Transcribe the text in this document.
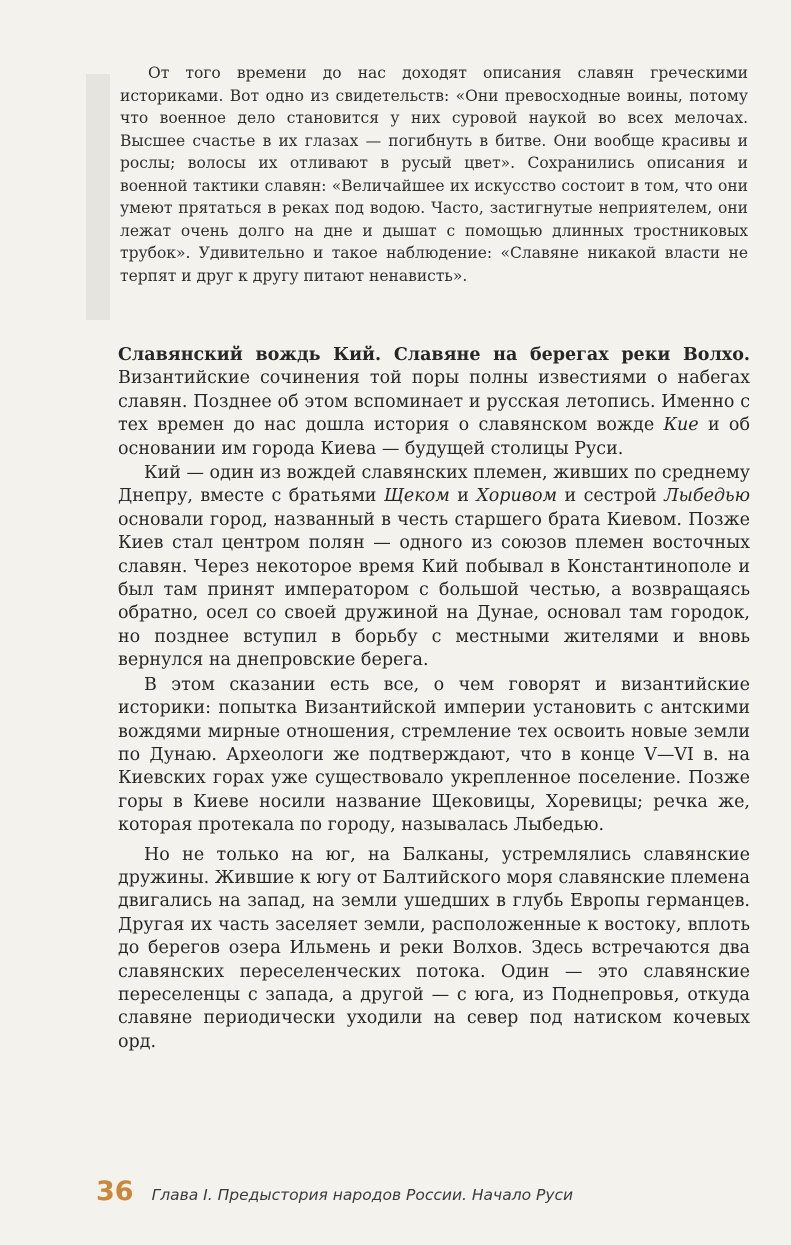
От того времени до нас доходят описания славян греческими историками. Вот одно из свидетельств: «Они превосходные воины, потому что военное дело становится у них суровой наукой во всех мелочах. Высшее счастье в их глазах — погибнуть в битве. Они вообще красивы и рослы; волосы их отливают в русый цвет». Сохранились описания и военной тактики славян: «Величайшее их искусство состоит в том, что они умеют прятаться в реках под водою. Часто, застигнутые неприятелем, они лежат очень долго на дне и дышат с помощью длинных тростниковых трубок». Удивительно и такое наблюдение: «Славяне никакой власти не терпят и друг к другу питают ненависть».

Славянский вождь Кий. Славяне на берегах реки Волхо. Византийские сочинения той поры полны известиями о набегах славян. Позднее об этом вспоминает и русская летопись. Именно с тех времен до нас дошла история о славянском вожде Кие и об основании им города Киева — будущей столицы Руси.

Кий — один из вождей славянских племен, живших по среднему Днепру, вместе с братьями Щеком и Хоривом и сестрой Лыбедью основали город, названный в честь старшего брата Киевом. Позже Киев стал центром полян — одного из союзов племен восточных славян. Через некоторое время Кий побывал в Константинополе и был там принят императором с большой честью, а возвращаясь обратно, осел со своей дружиной на Дунае, основал там городок, но позднее вступил в борьбу с местными жителями и вновь вернулся на днепровские берега.

В этом сказании есть все, о чем говорят и византийские историки: попытка Византийской империи установить с антскими вождями мирные отношения, стремление тех освоить новые земли по Дунаю. Археологи же подтверждают, что в конце V—VI в. на Киевских горах уже существовало укрепленное поселение. Позже горы в Киеве носили название Щековицы, Хоревицы; речка же, которая протекала по городу, называлась Лыбедью.

Но не только на юг, на Балканы, устремлялись славянские дружины. Жившие к югу от Балтийского моря славянские племена двигались на запад, на земли ушедших в глубь Европы германцев. Другая их часть заселяет земли, расположенные к востоку, вплоть до берегов озера Ильмень и реки Волхов. Здесь встречаются два славянских переселенческих потока. Один — это славянские переселенцы с запада, а другой — с юга, из Поднепровья, откуда славяне периодически уходили на север под натиском кочевых орд.

36 Глава I. Предыстория народов России. Начало Руси
